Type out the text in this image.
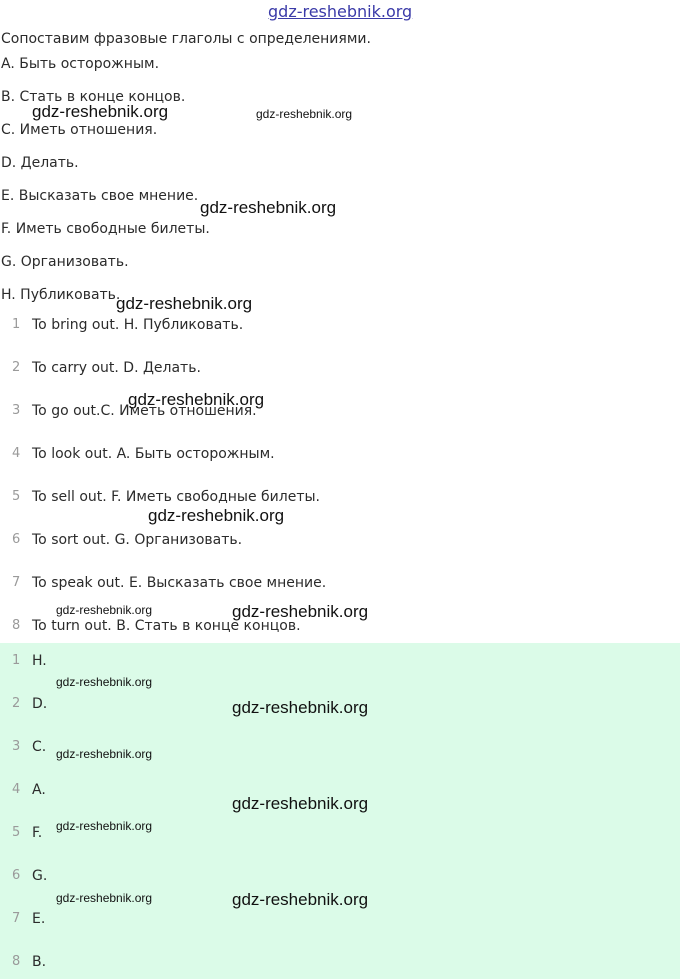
gdz-reshebnik.org
Сопоставим фразовые глаголы с определениями.
A. Быть осторожным.
B. Стать в конце концов.
C. Иметь отношения.
D. Делать.
E. Высказать свое мнение.
F. Иметь свободные билеты.
G. Организовать.
H. Публиковать.
1 To bring out. H. Публиковать.
2 To carry out. D. Делать.
3 To go out.C. Иметь отношения.
4 To look out. A. Быть осторожным.
5 To sell out. F. Иметь свободные билеты.
6 To sort out. G. Организовать.
7 To speak out. E. Высказать свое мнение.
8 To turn out. B. Стать в конце концов.
1 H.
2 D.
3 C.
4 A.
5 F.
6 G.
7 E.
8 B.
gdz-reshebnik.org	gdz-reshebnik.org
gdz-reshebnik.org
gdz-reshebnik.org
gdz-reshebnik.org
gdz-reshebnik.org
gdz-reshebnik.org	gdz-reshebnik.org
gdz-reshebnik.org
gdz-reshebnik.org
gdz-reshebnik.org
gdz-reshebnik.org
gdz-reshebnik.org
gdz-reshebnik.org
gdz-reshebnik.org
